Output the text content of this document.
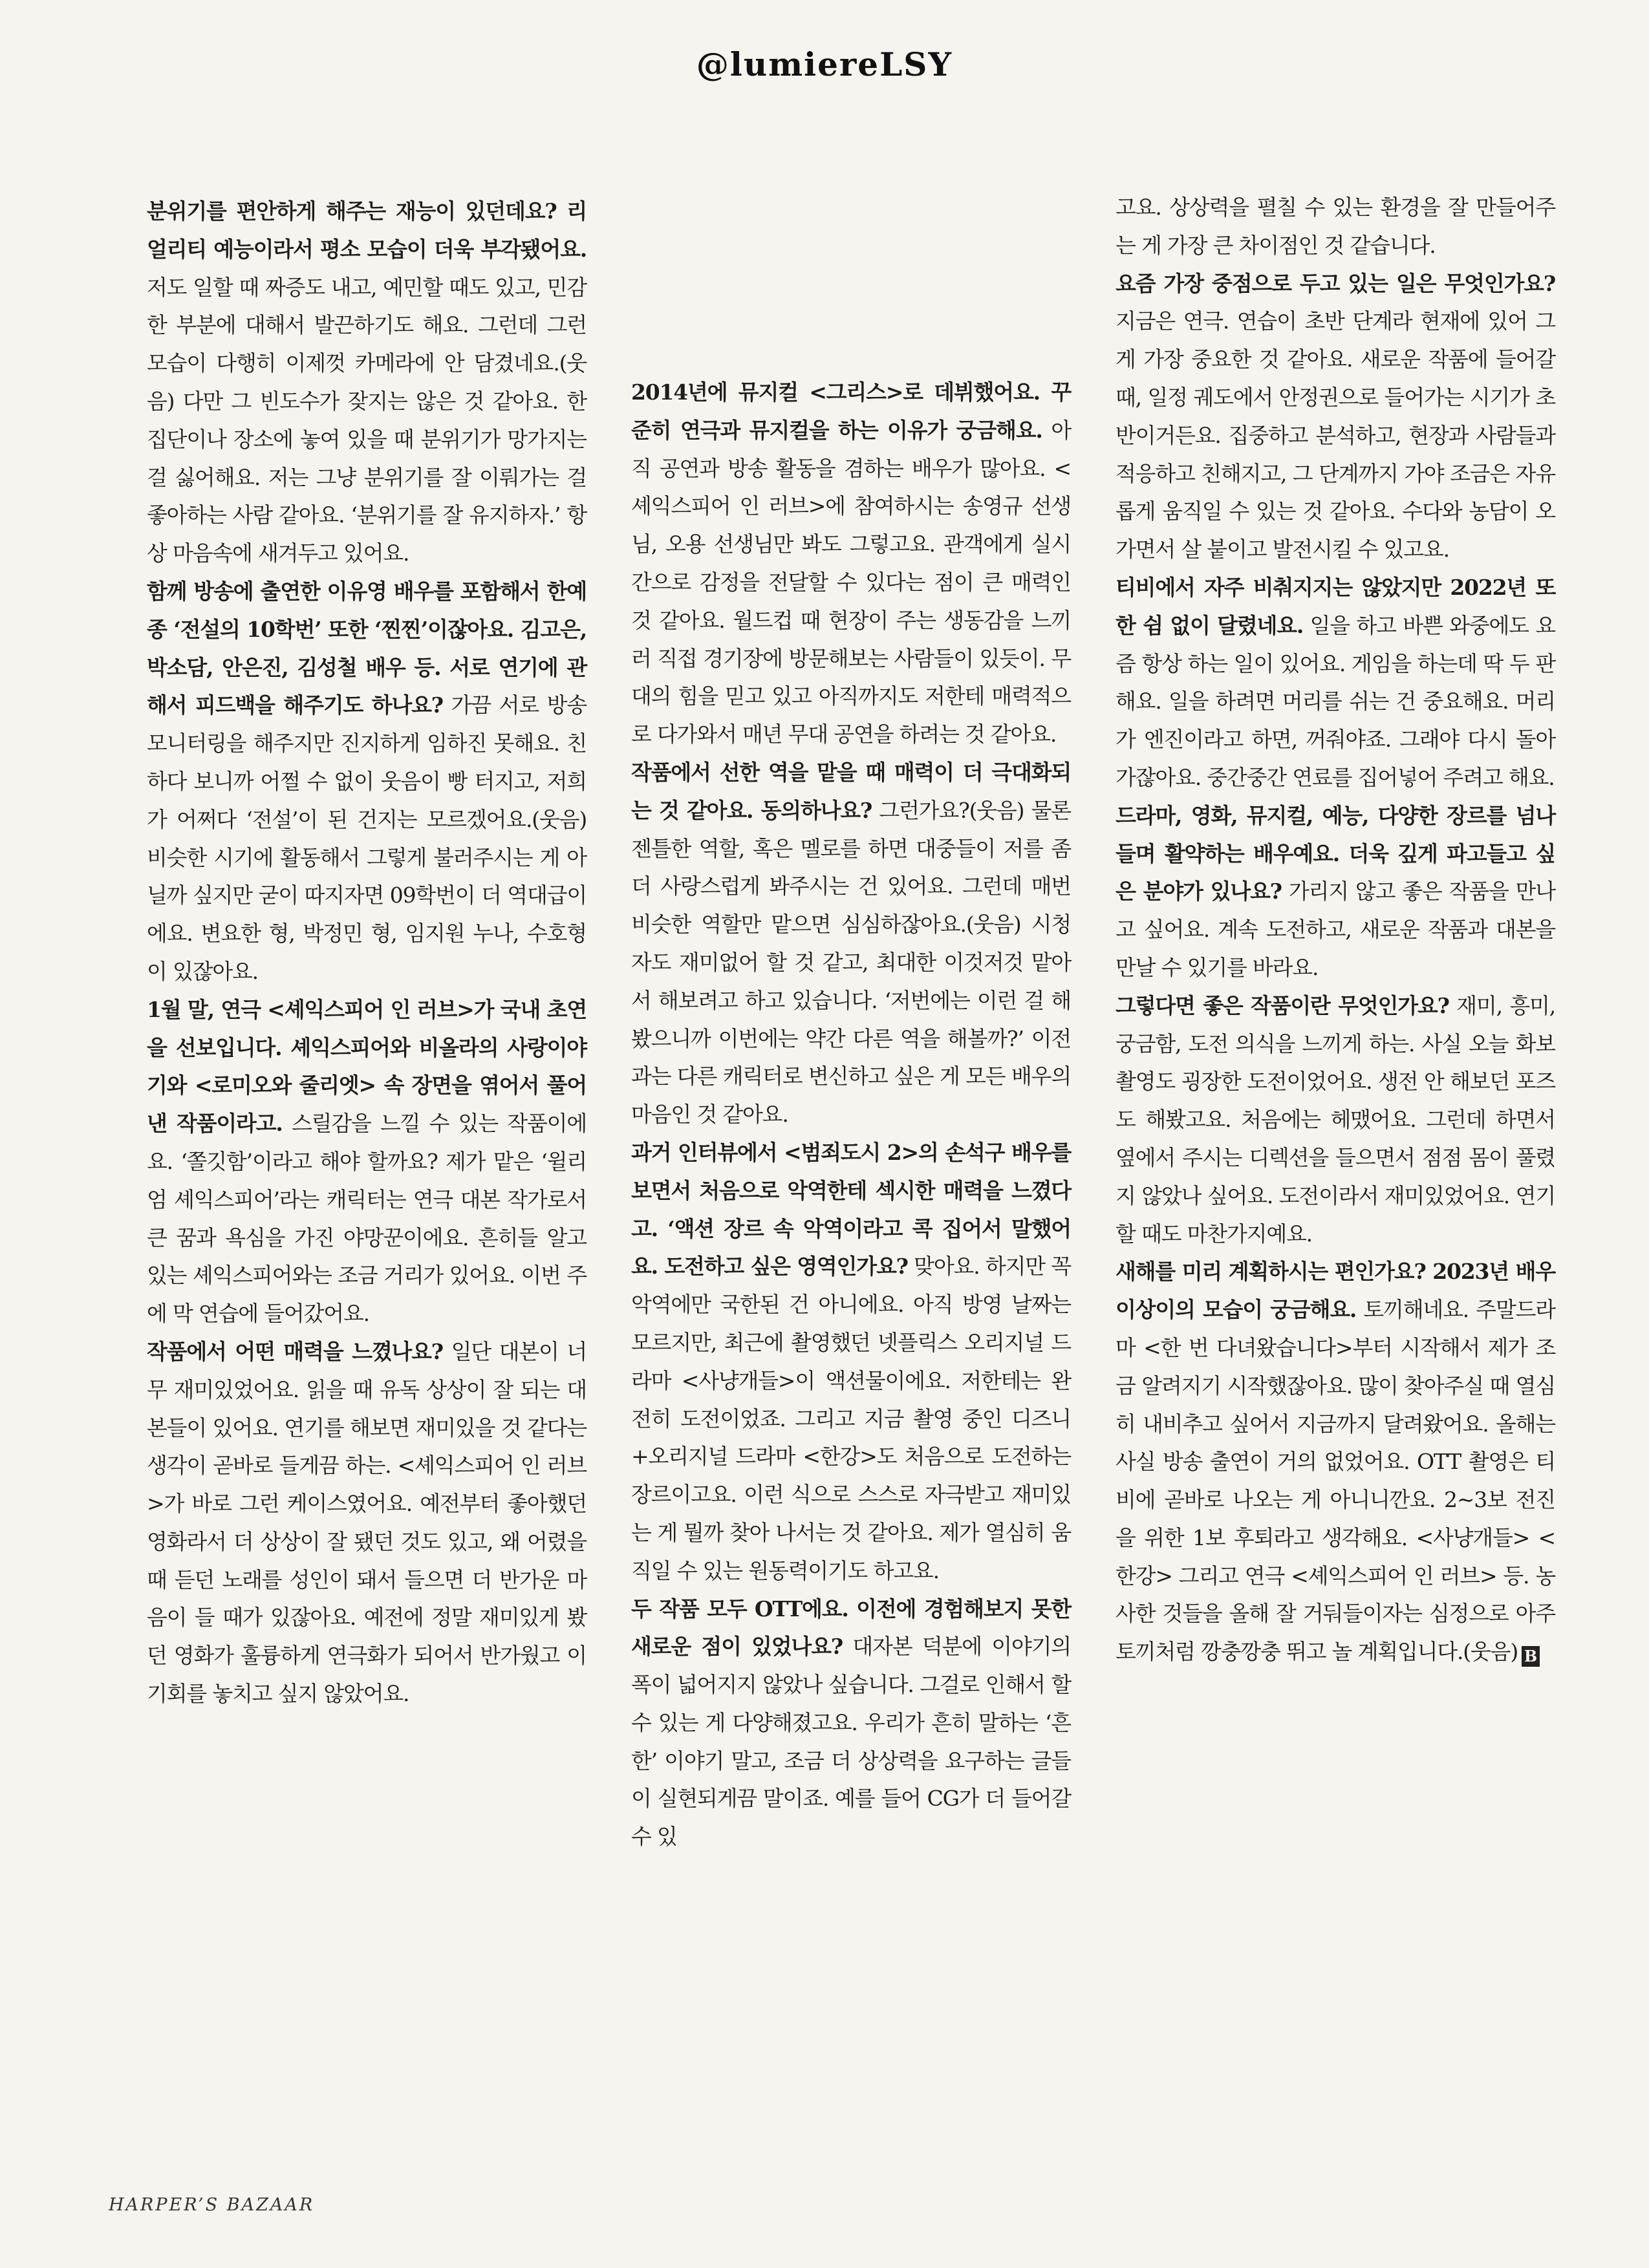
@lumiereLSY

분위기를 편안하게 해주는 재능이 있던데요? 리얼리티 예능이라서 평소 모습이 더욱 부각됐어요. 저도 일할 때 짜증도 내고, 예민할 때도 있고, 민감한 부분에 대해서 발끈하기도 해요. 그런데 그런 모습이 다행히 이제껏 카메라에 안 담겼네요.(웃음) 다만 그 빈도수가 잦지는 않은 것 같아요. 한 집단이나 장소에 놓여 있을 때 분위기가 망가지는 걸 싫어해요. 저는 그냥 분위기를 잘 이뤄가는 걸 좋아하는 사람 같아요. ‘분위기를 잘 유지하자.’ 항상 마음속에 새겨두고 있어요.

함께 방송에 출연한 이유영 배우를 포함해서 한예종 ‘전설의 10학번’ 또한 ‘찐찐’이잖아요. 김고은, 박소담, 안은진, 김성철 배우 등. 서로 연기에 관해서 피드백을 해주기도 하나요? 가끔 서로 방송 모니터링을 해주지만 진지하게 임하진 못해요. 친하다 보니까 어쩔 수 없이 웃음이 빵 터지고, 저희가 어쩌다 ‘전설’이 된 건지는 모르겠어요.(웃음) 비슷한 시기에 활동해서 그렇게 불러주시는 게 아닐까 싶지만 굳이 따지자면 09학번이 더 역대급이에요. 변요한 형, 박정민 형, 임지원 누나, 수호형이 있잖아요.

1월 말, 연극 <셰익스피어 인 러브>가 국내 초연을 선보입니다. 셰익스피어와 비올라의 사랑이야기와 <로미오와 줄리엣> 속 장면을 엮어서 풀어낸 작품이라고. 스릴감을 느낄 수 있는 작품이에요. ‘쫄깃함’이라고 해야 할까요? 제가 맡은 ‘윌리엄 셰익스피어’라는 캐릭터는 연극 대본 작가로서 큰 꿈과 욕심을 가진 야망꾼이에요. 흔히들 알고 있는 셰익스피어와는 조금 거리가 있어요. 이번 주에 막 연습에 들어갔어요.

작품에서 어떤 매력을 느꼈나요? 일단 대본이 너무 재미있었어요. 읽을 때 유독 상상이 잘 되는 대본들이 있어요. 연기를 해보면 재미있을 것 같다는 생각이 곧바로 들게끔 하는. <셰익스피어 인 러브>가 바로 그런 케이스였어요. 예전부터 좋아했던 영화라서 더 상상이 잘 됐던 것도 있고, 왜 어렸을 때 듣던 노래를 성인이 돼서 들으면 더 반가운 마음이 들 때가 있잖아요. 예전에 정말 재미있게 봤던 영화가 훌륭하게 연극화가 되어서 반가웠고 이 기회를 놓치고 싶지 않았어요.

2014년에 뮤지컬 <그리스>로 데뷔했어요. 꾸준히 연극과 뮤지컬을 하는 이유가 궁금해요. 아직 공연과 방송 활동을 겸하는 배우가 많아요. <셰익스피어 인 러브>에 참여하시는 송영규 선생님, 오용 선생님만 봐도 그렇고요. 관객에게 실시간으로 감정을 전달할 수 있다는 점이 큰 매력인 것 같아요. 월드컵 때 현장이 주는 생동감을 느끼러 직접 경기장에 방문해보는 사람들이 있듯이. 무대의 힘을 믿고 있고 아직까지도 저한테 매력적으로 다가와서 매년 무대 공연을 하려는 것 같아요.

작품에서 선한 역을 맡을 때 매력이 더 극대화되는 것 같아요. 동의하나요? 그런가요?(웃음) 물론 젠틀한 역할, 혹은 멜로를 하면 대중들이 저를 좀 더 사랑스럽게 봐주시는 건 있어요. 그런데 매번 비슷한 역할만 맡으면 심심하잖아요.(웃음) 시청자도 재미없어 할 것 같고, 최대한 이것저것 맡아서 해보려고 하고 있습니다. ‘저번에는 이런 걸 해봤으니까 이번에는 약간 다른 역을 해볼까?’ 이전과는 다른 캐릭터로 변신하고 싶은 게 모든 배우의 마음인 것 같아요.

과거 인터뷰에서 <범죄도시 2>의 손석구 배우를 보면서 처음으로 악역한테 섹시한 매력을 느꼈다고. ‘액션 장르 속 악역이라고 콕 집어서 말했어요. 도전하고 싶은 영역인가요? 맞아요. 하지만 꼭 악역에만 국한된 건 아니에요. 아직 방영 날짜는 모르지만, 최근에 촬영했던 넷플릭스 오리지널 드라마 <사냥개들>이 액션물이에요. 저한테는 완전히 도전이었죠. 그리고 지금 촬영 중인 디즈니+오리지널 드라마 <한강>도 처음으로 도전하는 장르이고요. 이런 식으로 스스로 자극받고 재미있는 게 뭘까 찾아 나서는 것 같아요. 제가 열심히 움직일 수 있는 원동력이기도 하고요.

두 작품 모두 OTT에요. 이전에 경험해보지 못한 새로운 점이 있었나요? 대자본 덕분에 이야기의 폭이 넓어지지 않았나 싶습니다. 그걸로 인해서 할 수 있는 게 다양해졌고요. 우리가 흔히 말하는 ‘흔한’ 이야기 말고, 조금 더 상상력을 요구하는 글들이 실현되게끔 말이죠. 예를 들어 CG가 더 들어갈 수 있

고요. 상상력을 펼칠 수 있는 환경을 잘 만들어주는 게 가장 큰 차이점인 것 같습니다.

요즘 가장 중점으로 두고 있는 일은 무엇인가요? 지금은 연극. 연습이 초반 단계라 현재에 있어 그게 가장 중요한 것 같아요. 새로운 작품에 들어갈 때, 일정 궤도에서 안정권으로 들어가는 시기가 초반이거든요. 집중하고 분석하고, 현장과 사람들과 적응하고 친해지고, 그 단계까지 가야 조금은 자유롭게 움직일 수 있는 것 같아요. 수다와 농담이 오가면서 살 붙이고 발전시킬 수 있고요.

티비에서 자주 비춰지지는 않았지만 2022년 또한 쉼 없이 달렸네요. 일을 하고 바쁜 와중에도 요즘 항상 하는 일이 있어요. 게임을 하는데 딱 두 판 해요. 일을 하려면 머리를 쉬는 건 중요해요. 머리가 엔진이라고 하면, 꺼줘야죠. 그래야 다시 돌아가잖아요. 중간중간 연료를 집어넣어 주려고 해요.

드라마, 영화, 뮤지컬, 예능, 다양한 장르를 넘나들며 활약하는 배우예요. 더욱 깊게 파고들고 싶은 분야가 있나요? 가리지 않고 좋은 작품을 만나고 싶어요. 계속 도전하고, 새로운 작품과 대본을 만날 수 있기를 바라요.

그렇다면 좋은 작품이란 무엇인가요? 재미, 흥미, 궁금함, 도전 의식을 느끼게 하는. 사실 오늘 화보 촬영도 굉장한 도전이었어요. 생전 안 해보던 포즈도 해봤고요. 처음에는 헤맸어요. 그런데 하면서 옆에서 주시는 디렉션을 들으면서 점점 몸이 풀렸지 않았나 싶어요. 도전이라서 재미있었어요. 연기할 때도 마찬가지예요.

새해를 미리 계획하시는 편인가요? 2023년 배우 이상이의 모습이 궁금해요. 토끼해네요. 주말드라마 <한 번 다녀왔습니다>부터 시작해서 제가 조금 알려지기 시작했잖아요. 많이 찾아주실 때 열심히 내비추고 싶어서 지금까지 달려왔어요. 올해는 사실 방송 출연이 거의 없었어요. OTT 촬영은 티비에 곧바로 나오는 게 아니니깐요. 2~3보 전진을 위한 1보 후퇴라고 생각해요. <사냥개들> <한강> 그리고 연극 <셰익스피어 인 러브> 등. 농사한 것들을 올해 잘 거둬들이자는 심정으로 아주 토끼처럼 깡충깡충 뛰고 놀 계획입니다.(웃음) B

HARPER’S BAZAAR
